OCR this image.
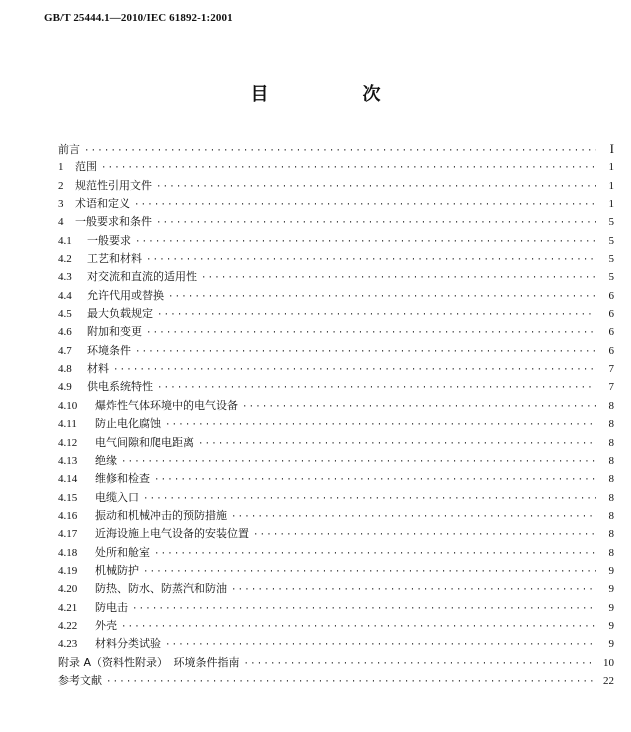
GB/T 25444.1—2010/IEC 61892-1:2001
目　次
前言 ·····	I
1	范围 ·····	1
2	规范性引用文件 ·····	1
3	术语和定义 ·····	1
4	一般要求和条件 ·····	5
4.1	一般要求 ·····	5
4.2	工艺和材料 ·····	5
4.3	对交流和直流的适用性 ·····	5
4.4	允许代用或替换 ·····	6
4.5	最大负载规定 ·····	6
4.6	附加和变更 ·····	6
4.7	环境条件 ·····	6
4.8	材料 ·····	7
4.9	供电系统特性 ·····	7
4.10	爆炸性气体环境中的电气设备 ·····	8
4.11	防止电化腐蚀 ·····	8
4.12	电气间隙和爬电距离 ·····	8
4.13	绝缘 ·····	8
4.14	维修和检查 ·····	8
4.15	电缆入口 ·····	8
4.16	振动和机械冲击的预防措施 ·····	8
4.17	近海设施上电气设备的安装位置 ·····	8
4.18	处所和舱室 ·····	8
4.19	机械防护 ·····	9
4.20	防热、防水、防蒸汽和防油 ·····	9
4.21	防电击 ·····	9
4.22	外壳 ·····	9
4.23	材料分类试验 ·····	9
附录 A（资料性附录）　环境条件指南 ·····	10
参考文献 ·····	22
